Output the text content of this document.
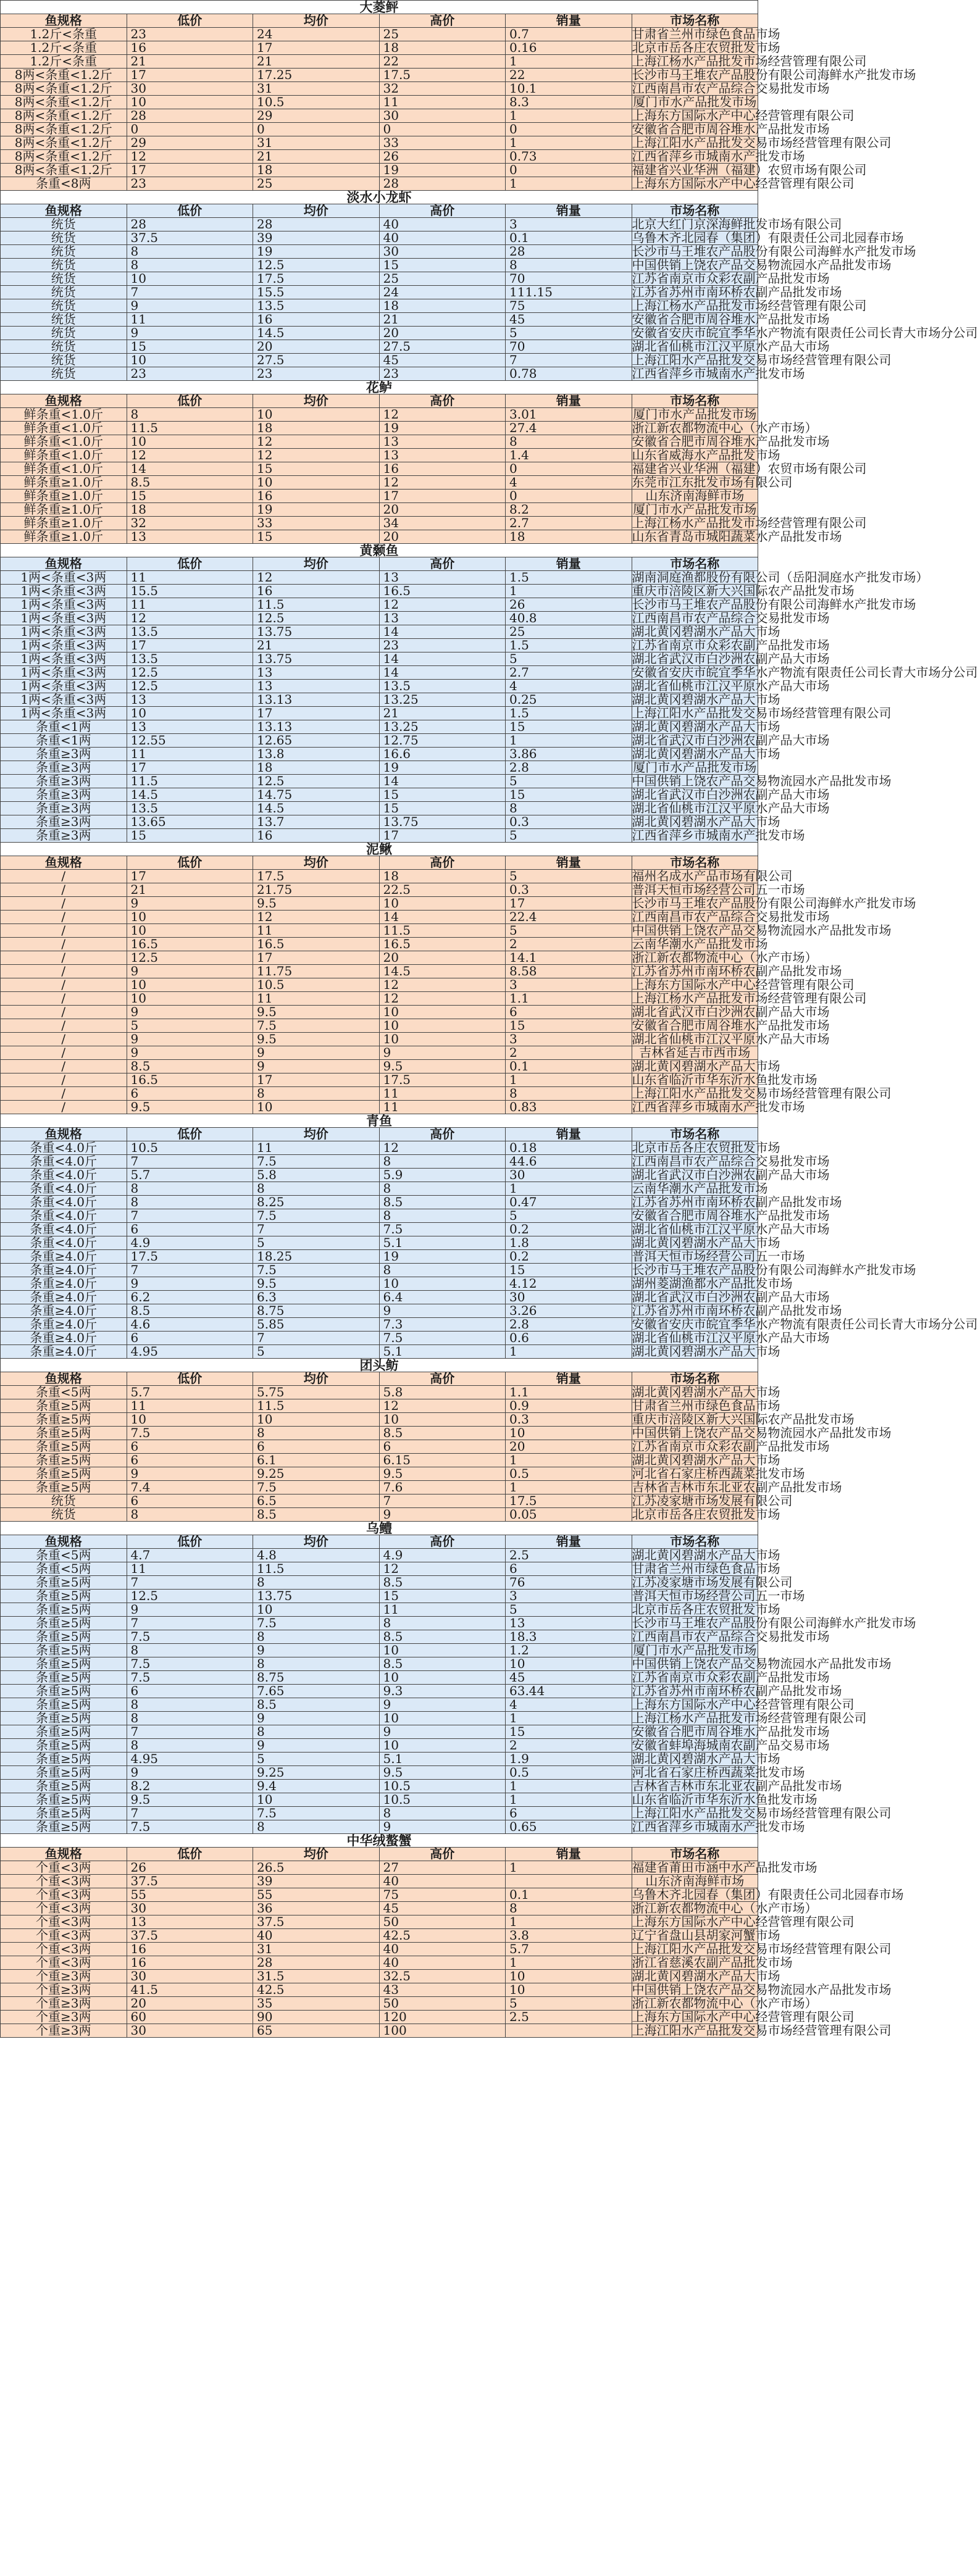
大菱鲆					
鱼规格	低价	均价	高价	销量	市场名称
1.2斤<条重	23	24	25	0.7	甘肃省兰州市绿色食品市场
1.2斤<条重	16	17	18	0.16	北京市岳各庄农贸批发市场
1.2斤<条重	21	21	22	1	上海江杨水产品批发市场经营管理有限公司
8两<条重<1.2斤	17	17.25	17.5	22	长沙市马王堆农产品股份有限公司海鲜水产批发市场
8两<条重<1.2斤	30	31	32	10.1	江西南昌市农产品综合交易批发市场
8两<条重<1.2斤	10	10.5	11	8.3	厦门市水产品批发市场
8两<条重<1.2斤	28	29	30	1	上海东方国际水产中心经营管理有限公司
8两<条重<1.2斤	0	0	0	0	安徽省合肥市周谷堆水产品批发市场
8两<条重<1.2斤	29	31	33	1	上海江阳水产品批发交易市场经营管理有限公司
8两<条重<1.2斤	12	21	26	0.73	江西省萍乡市城南水产批发市场
8两<条重<1.2斤	17	18	19	0	福建省兴业华洲（福建）农贸市场有限公司
条重<8两	23	25	28	1	上海东方国际水产中心经营管理有限公司
淡水小龙虾					
鱼规格	低价	均价	高价	销量	市场名称
统货	28	28	40	3	北京大红门京深海鲜批发市场有限公司
统货	37.5	39	40	0.1	乌鲁木齐北园春（集团）有限责任公司北园春市场
统货	8	19	30	28	长沙市马王堆农产品股份有限公司海鲜水产批发市场
统货	8	12.5	15	8	中国供销上饶农产品交易物流园水产品批发市场
统货	10	17.5	25	70	江苏省南京市众彩农副产品批发市场
统货	7	15.5	24	111.15	江苏省苏州市南环桥农副产品批发市场
统货	9	13.5	18	75	上海江杨水产品批发市场经营管理有限公司
统货	11	16	21	45	安徽省合肥市周谷堆水产品批发市场
统货	9	14.5	20	5	安徽省安庆市皖宜季华水产物流有限责任公司长青大市场分公司
统货	15	20	27.5	70	湖北省仙桃市江汉平原水产品大市场
统货	10	27.5	45	7	上海江阳水产品批发交易市场经营管理有限公司
统货	23	23	23	0.78	江西省萍乡市城南水产批发市场
花鲈					
鱼规格	低价	均价	高价	销量	市场名称
鲜条重<1.0斤	8	10	12	3.01	厦门市水产品批发市场
鲜条重<1.0斤	11.5	18	19	27.4	浙江新农都物流中心（水产市场）
鲜条重<1.0斤	10	12	13	8	安徽省合肥市周谷堆水产品批发市场
鲜条重<1.0斤	12	12	13	1.4	山东省威海水产品批发市场
鲜条重<1.0斤	14	15	16	0	福建省兴业华洲（福建）农贸市场有限公司
鲜条重≥1.0斤	8.5	10	12	4	东莞市江东批发市场有限公司
鲜条重≥1.0斤	15	16	17	0	山东济南海鲜市场
鲜条重≥1.0斤	18	19	20	8.2	厦门市水产品批发市场
鲜条重≥1.0斤	32	33	34	2.7	上海江杨水产品批发市场经营管理有限公司
鲜条重≥1.0斤	13	15	20	18	山东省青岛市城阳蔬菜水产品批发市场
黄颡鱼					
鱼规格	低价	均价	高价	销量	市场名称
1两<条重<3两	11	12	13	1.5	湖南洞庭渔都股份有限公司（岳阳洞庭水产批发市场）
1两<条重<3两	15.5	16	16.5	1	重庆市涪陵区新大兴国际农产品批发市场
1两<条重<3两	11	11.5	12	26	长沙市马王堆农产品股份有限公司海鲜水产批发市场
1两<条重<3两	12	12.5	13	40.8	江西南昌市农产品综合交易批发市场
1两<条重<3两	13.5	13.75	14	25	湖北黄冈碧湖水产品大市场
1两<条重<3两	17	21	23	1.5	江苏省南京市众彩农副产品批发市场
1两<条重<3两	13.5	13.75	14	5	湖北省武汉市白沙洲农副产品大市场
1两<条重<3两	12.5	13	14	2.7	安徽省安庆市皖宜季华水产物流有限责任公司长青大市场分公司
1两<条重<3两	12.5	13	13.5	4	湖北省仙桃市江汉平原水产品大市场
1两<条重<3两	13	13.13	13.25	0.25	湖北黄冈碧湖水产品大市场
1两<条重<3两	10	17	21	1.5	上海江阳水产品批发交易市场经营管理有限公司
条重<1两	13	13.13	13.25	15	湖北黄冈碧湖水产品大市场
条重<1两	12.55	12.65	12.75	1	湖北省武汉市白沙洲农副产品大市场
条重≥3两	11	13.8	16.6	3.86	湖北黄冈碧湖水产品大市场
条重≥3两	17	18	19	2.8	厦门市水产品批发市场
条重≥3两	11.5	12.5	14	5	中国供销上饶农产品交易物流园水产品批发市场
条重≥3两	14.5	14.75	15	15	湖北省武汉市白沙洲农副产品大市场
条重≥3两	13.5	14.5	15	8	湖北省仙桃市江汉平原水产品大市场
条重≥3两	13.65	13.7	13.75	0.3	湖北黄冈碧湖水产品大市场
条重≥3两	15	16	17	5	江西省萍乡市城南水产批发市场
泥鳅					
鱼规格	低价	均价	高价	销量	市场名称
/	17	17.5	18	5	福州名成水产品市场有限公司
/	21	21.75	22.5	0.3	普洱天恒市场经营公司五一市场
/	9	9.5	10	17	长沙市马王堆农产品股份有限公司海鲜水产批发市场
/	10	12	14	22.4	江西南昌市农产品综合交易批发市场
/	10	11	11.5	5	中国供销上饶农产品交易物流园水产品批发市场
/	16.5	16.5	16.5	2	云南华潮水产品批发市场
/	12.5	17	20	14.1	浙江新农都物流中心（水产市场）
/	9	11.75	14.5	8.58	江苏省苏州市南环桥农副产品批发市场
/	10	10.5	12	3	上海东方国际水产中心经营管理有限公司
/	10	11	12	1.1	上海江杨水产品批发市场经营管理有限公司
/	9	9.5	10	6	湖北省武汉市白沙洲农副产品大市场
/	5	7.5	10	15	安徽省合肥市周谷堆水产品批发市场
/	9	9.5	10	3	湖北省仙桃市江汉平原水产品大市场
/	9	9	9	2	吉林省延吉市西市场
/	8.5	9	9.5	0.1	湖北黄冈碧湖水产品大市场
/	16.5	17	17.5	1	山东省临沂市华东沂水鱼批发市场
/	6	8	11	8	上海江阳水产品批发交易市场经营管理有限公司
/	9.5	10	11	0.83	江西省萍乡市城南水产批发市场
青鱼					
鱼规格	低价	均价	高价	销量	市场名称
条重<4.0斤	10.5	11	12	0.18	北京市岳各庄农贸批发市场
条重<4.0斤	7	7.5	8	44.6	江西南昌市农产品综合交易批发市场
条重<4.0斤	5.7	5.8	5.9	30	湖北省武汉市白沙洲农副产品大市场
条重<4.0斤	8	8	8	1	云南华潮水产品批发市场
条重<4.0斤	8	8.25	8.5	0.47	江苏省苏州市南环桥农副产品批发市场
条重<4.0斤	7	7.5	8	5	安徽省合肥市周谷堆水产品批发市场
条重<4.0斤	6	7	7.5	0.2	湖北省仙桃市江汉平原水产品大市场
条重<4.0斤	4.9	5	5.1	1.8	湖北黄冈碧湖水产品大市场
条重≥4.0斤	17.5	18.25	19	0.2	普洱天恒市场经营公司五一市场
条重≥4.0斤	7	7.5	8	15	长沙市马王堆农产品股份有限公司海鲜水产批发市场
条重≥4.0斤	9	9.5	10	4.12	湖州菱湖渔都水产品批发市场
条重≥4.0斤	6.2	6.3	6.4	30	湖北省武汉市白沙洲农副产品大市场
条重≥4.0斤	8.5	8.75	9	3.26	江苏省苏州市南环桥农副产品批发市场
条重≥4.0斤	4.6	5.85	7.3	2.8	安徽省安庆市皖宜季华水产物流有限责任公司长青大市场分公司
条重≥4.0斤	6	7	7.5	0.6	湖北省仙桃市江汉平原水产品大市场
条重≥4.0斤	4.95	5	5.1	1	湖北黄冈碧湖水产品大市场
团头鲂					
鱼规格	低价	均价	高价	销量	市场名称
条重<5两	5.7	5.75	5.8	1.1	湖北黄冈碧湖水产品大市场
条重≥5两	11	11.5	12	0.9	甘肃省兰州市绿色食品市场
条重≥5两	10	10	10	0.3	重庆市涪陵区新大兴国际农产品批发市场
条重≥5两	7.5	8	8.5	10	中国供销上饶农产品交易物流园水产品批发市场
条重≥5两	6	6	6	20	江苏省南京市众彩农副产品批发市场
条重≥5两	6	6.1	6.15	1	湖北黄冈碧湖水产品大市场
条重≥5两	9	9.25	9.5	0.5	河北省石家庄桥西蔬菜批发市场
条重≥5两	7.4	7.5	7.6	1	吉林省吉林市东北亚农副产品批发市场
统货	6	6.5	7	17.5	江苏凌家塘市场发展有限公司
统货	8	8.5	9	0.05	北京市岳各庄农贸批发市场
乌鳢					
鱼规格	低价	均价	高价	销量	市场名称
条重<5两	4.7	4.8	4.9	2.5	湖北黄冈碧湖水产品大市场
条重<5两	11	11.5	12	6	甘肃省兰州市绿色食品市场
条重≥5两	7	8	8.5	76	江苏凌家塘市场发展有限公司
条重≥5两	12.5	13.75	15	3	普洱天恒市场经营公司五一市场
条重≥5两	9	10	11	5	北京市岳各庄农贸批发市场
条重≥5两	7	7.5	8	13	长沙市马王堆农产品股份有限公司海鲜水产批发市场
条重≥5两	7.5	8	8.5	18.3	江西南昌市农产品综合交易批发市场
条重≥5两	8	9	10	1.2	厦门市水产品批发市场
条重≥5两	7.5	8	8.5	10	中国供销上饶农产品交易物流园水产品批发市场
条重≥5两	7.5	8.75	10	45	江苏省南京市众彩农副产品批发市场
条重≥5两	6	7.65	9.3	63.44	江苏省苏州市南环桥农副产品批发市场
条重≥5两	8	8.5	9	4	上海东方国际水产中心经营管理有限公司
条重≥5两	8	9	10	1	上海江杨水产品批发市场经营管理有限公司
条重≥5两	7	8	9	15	安徽省合肥市周谷堆水产品批发市场
条重≥5两	8	9	10	2	安徽省蚌埠海城南农副产品交易市场
条重≥5两	4.95	5	5.1	1.9	湖北黄冈碧湖水产品大市场
条重≥5两	9	9.25	9.5	0.5	河北省石家庄桥西蔬菜批发市场
条重≥5两	8.2	9.4	10.5	1	吉林省吉林市东北亚农副产品批发市场
条重≥5两	9.5	10	10.5	1	山东省临沂市华东沂水鱼批发市场
条重≥5两	7	7.5	8	6	上海江阳水产品批发交易市场经营管理有限公司
条重≥5两	7.5	8	9	0.65	江西省萍乡市城南水产批发市场
中华绒螯蟹					
鱼规格	低价	均价	高价	销量	市场名称
个重<3两	26	26.5	27	1	福建省莆田市涵中水产品批发市场
个重<3两	37.5	39	40		山东济南海鲜市场
个重<3两	55	55	75	0.1	乌鲁木齐北园春（集团）有限责任公司北园春市场
个重<3两	30	36	45	8	浙江新农都物流中心（水产市场）
个重<3两	13	37.5	50	1	上海东方国际水产中心经营管理有限公司
个重<3两	37.5	40	42.5	3.8	辽宁省盘山县胡家河蟹市场
个重<3两	16	31	40	5.7	上海江阳水产品批发交易市场经营管理有限公司
个重<3两	16	28	40	1	浙江省慈溪农副产品批发市场
个重≥3两	30	31.5	32.5	10	湖北黄冈碧湖水产品大市场
个重≥3两	41.5	42.5	43	10	中国供销上饶农产品交易物流园水产品批发市场
个重≥3两	20	35	50	5	浙江新农都物流中心（水产市场）
个重≥3两	60	90	120	2.5	上海东方国际水产中心经营管理有限公司
个重≥3两	30	65	100		上海江阳水产品批发交易市场经营管理有限公司
